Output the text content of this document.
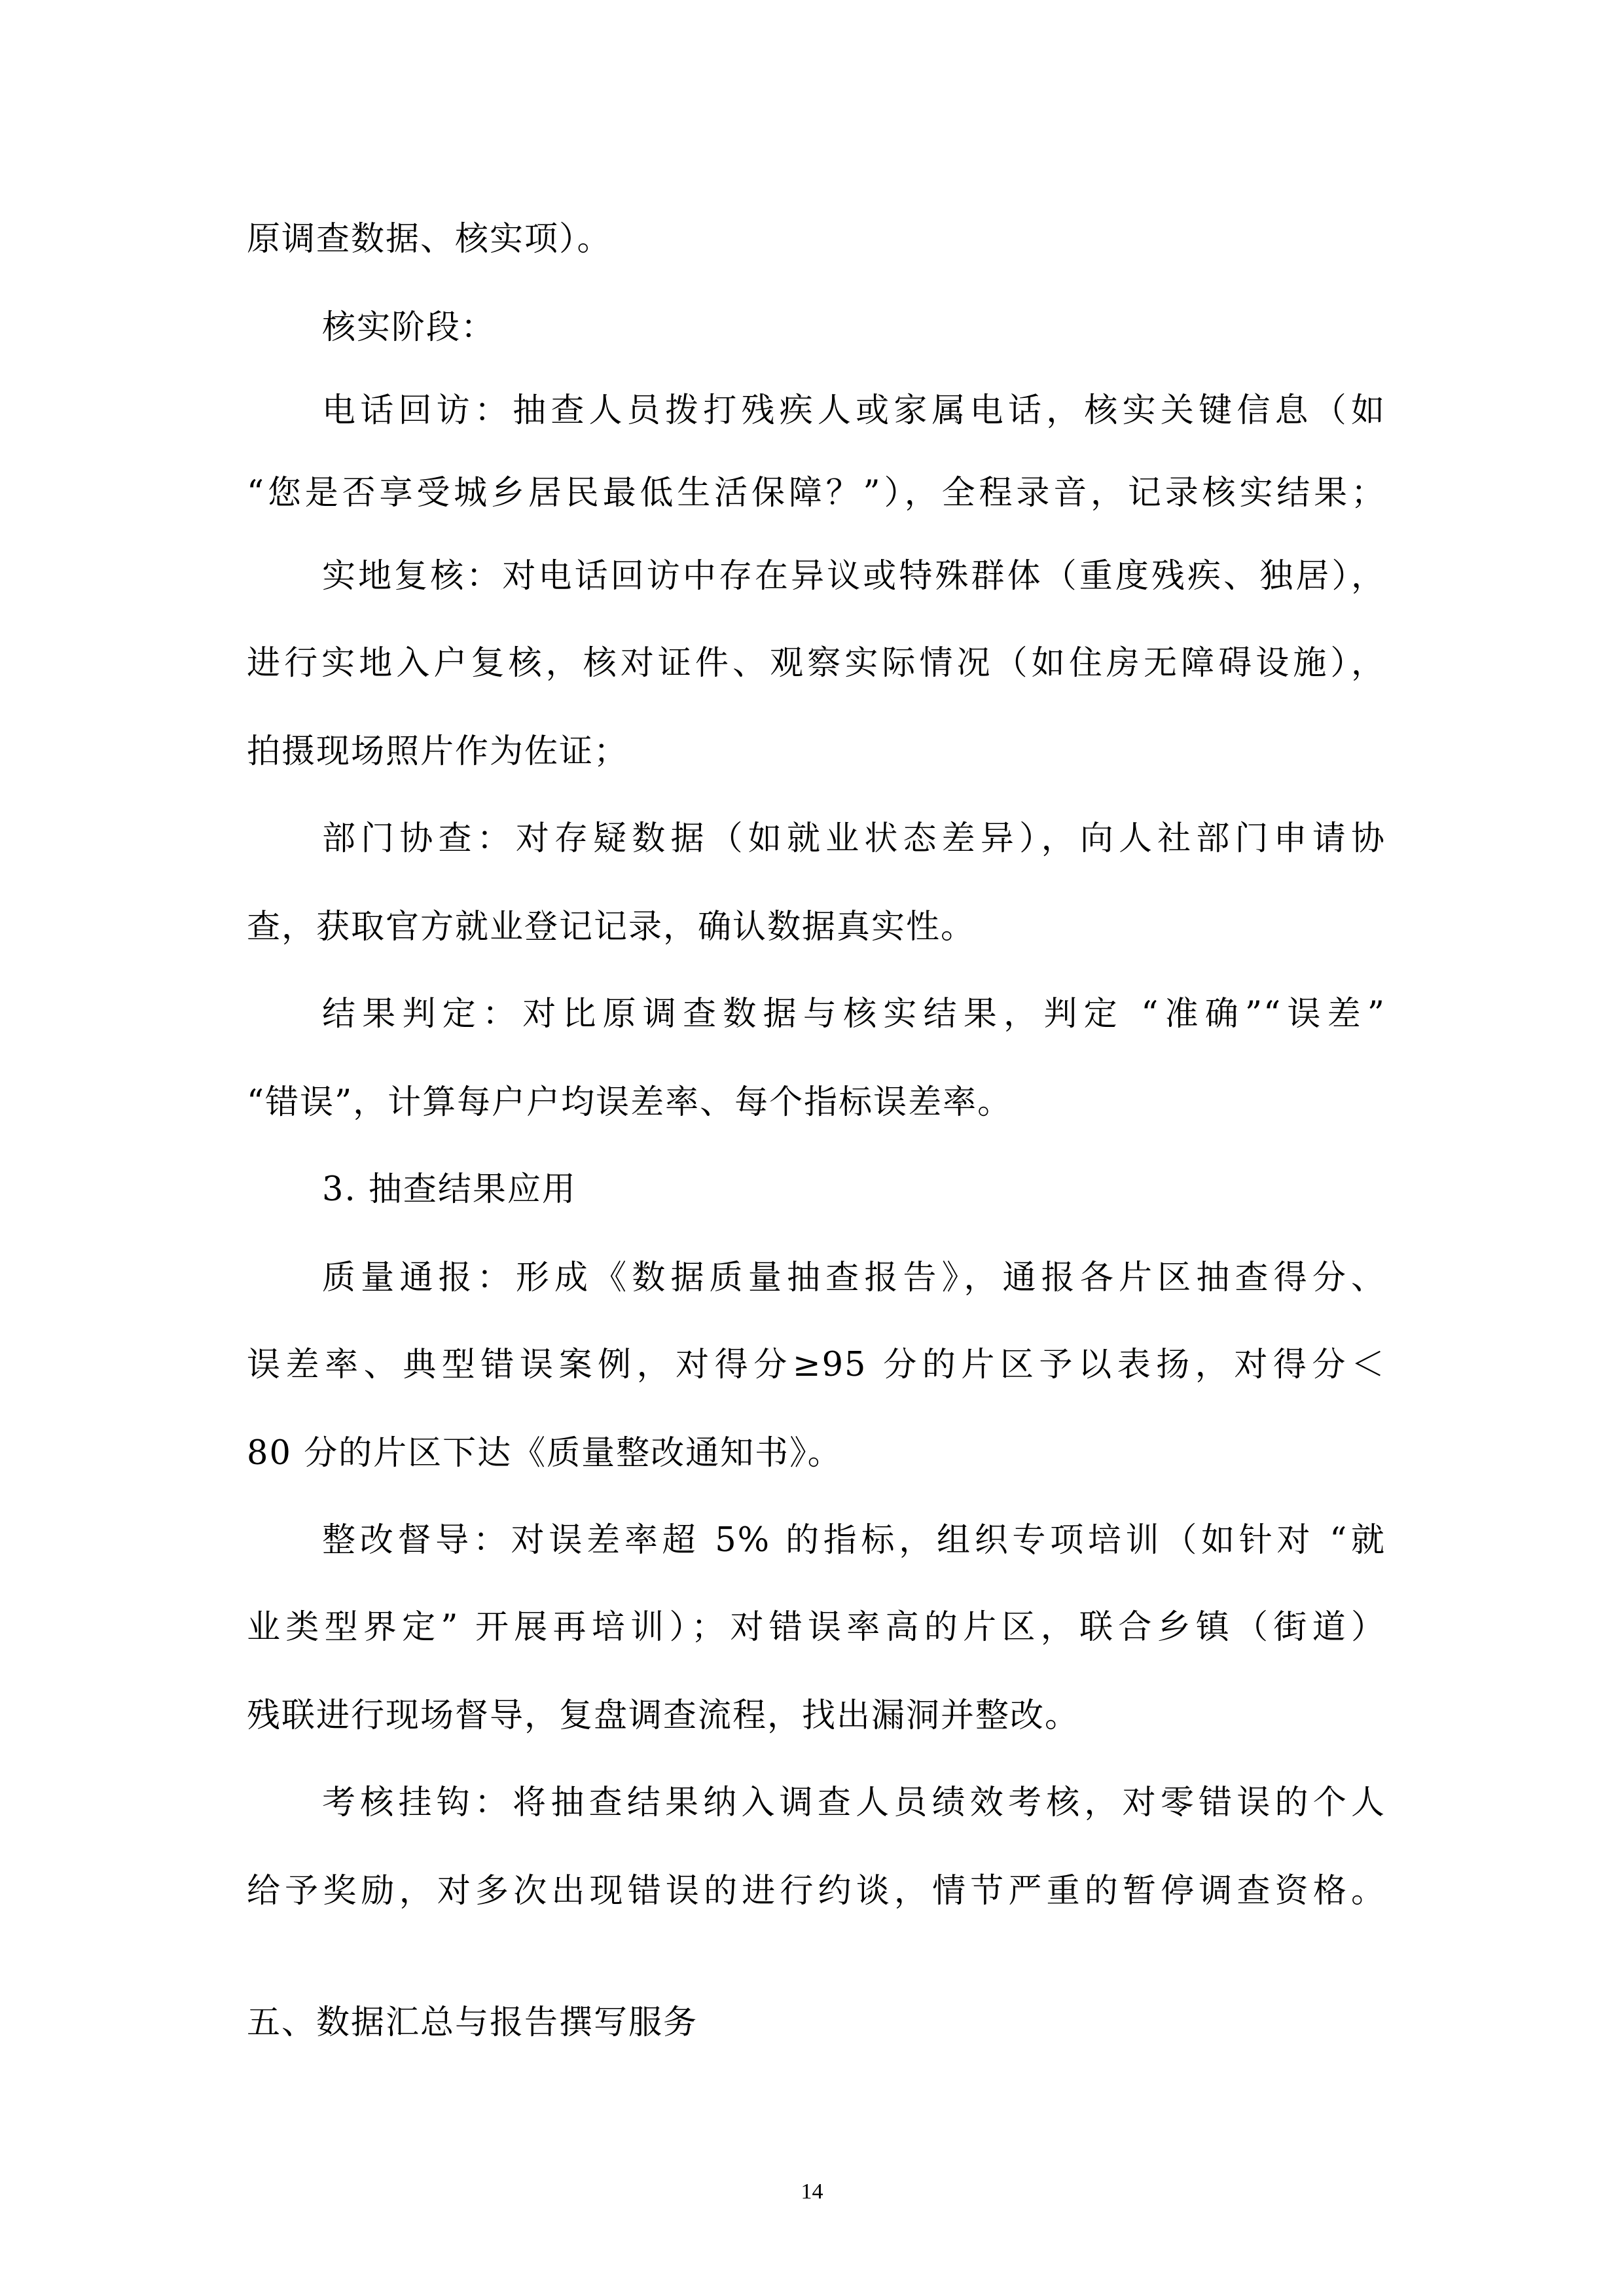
原调查数据、核实项）。
核实阶段：
电话回访：抽查人员拨打残疾人或家属电话，核实关键信息（如
“您是否享受城乡居民最低生活保障？”），全程录音，记录核实结果；
实地复核：对电话回访中存在异议或特殊群体（重度残疾、独居），
进行实地入户复核，核对证件、观察实际情况（如住房无障碍设施），
拍摄现场照片作为佐证；
部门协查：对存疑数据（如就业状态差异），向人社部门申请协
查，获取官方就业登记记录，确认数据真实性。
结果判定：对比原调查数据与核实结果，判定 “准确”“误差”
“错误”，计算每户户均误差率、每个指标误差率。
3. 抽查结果应用
质量通报：形成《数据质量抽查报告》，通报各片区抽查得分、
误差率、典型错误案例，对得分≥95 分的片区予以表扬，对得分＜
80 分的片区下达《质量整改通知书》。
整改督导：对误差率超 5% 的指标，组织专项培训（如针对 “就
业类型界定” 开展再培训）；对错误率高的片区，联合乡镇（街道）
残联进行现场督导，复盘调查流程，找出漏洞并整改。
考核挂钩：将抽查结果纳入调查人员绩效考核，对零错误的个人
给予奖励，对多次出现错误的进行约谈，情节严重的暂停调查资格。
五、数据汇总与报告撰写服务
14
